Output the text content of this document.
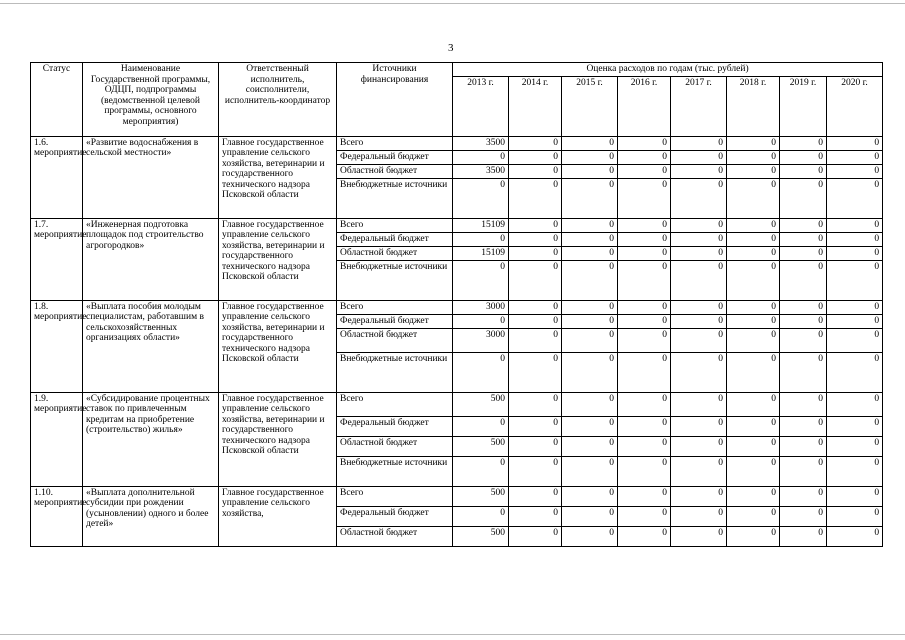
3
Статус	Наименование Государственной программы, ОДЦП, подпрограммы (ведомственной целевой программы, основного мероприятия)	Ответственный исполнитель, соисполнители, исполнитель-координатор	Источники финансирования	Оценка расходов по годам (тыс. рублей)							
				2013 г.	2014 г.	2015 г.	2016 г.	2017 г.	2018 г.	2019 г.	2020 г.
1.6. мероприятие	«Развитие водоснабжения в сельской местности»	Главное государственное управление сельского хозяйства, ветеринарии и государственного технического надзора Псковской области	Всего	3500	0	0	0	0	0	0	0
			Федеральный бюджет	0	0	0	0	0	0	0	0
			Областной бюджет	3500	0	0	0	0	0	0	0
			Внебюджетные источники	0	0	0	0	0	0	0	0
1.7. мероприятие	«Инженерная подготовка площадок под строительство агрогородков»	Главное государственное управление сельского хозяйства, ветеринарии и государственного технического надзора Псковской области	Всего	15109	0	0	0	0	0	0	0
			Федеральный бюджет	0	0	0	0	0	0	0	0
			Областной бюджет	15109	0	0	0	0	0	0	0
			Внебюджетные источники	0	0	0	0	0	0	0	0
1.8. мероприятие	«Выплата пособия молодым специалистам, работавшим в сельскохозяйственных организациях области»	Главное государственное управление сельского хозяйства, ветеринарии и государственного технического надзора Псковской области	Всего	3000	0	0	0	0	0	0	0
			Федеральный бюджет	0	0	0	0	0	0	0	0
			Областной бюджет	3000	0	0	0	0	0	0	0
			Внебюджетные источники	0	0	0	0	0	0	0	0
1.9. мероприятие	«Субсидирование процентных ставок по привлеченным кредитам на приобретение (строительство) жилья»	Главное государственное управление сельского хозяйства, ветеринарии и государственного технического надзора Псковской области	Всего	500	0	0	0	0	0	0	0
			Федеральный бюджет	0	0	0	0	0	0	0	0
			Областной бюджет	500	0	0	0	0	0	0	0
			Внебюджетные источники	0	0	0	0	0	0	0	0
1.10. мероприятие	«Выплата дополнительной субсидии при рождении (усыновлении) одного и более детей»	Главное государственное управление сельского хозяйства,	Всего	500	0	0	0	0	0	0	0
			Федеральный бюджет	0	0	0	0	0	0	0	0
			Областной бюджет	500	0	0	0	0	0	0	0
